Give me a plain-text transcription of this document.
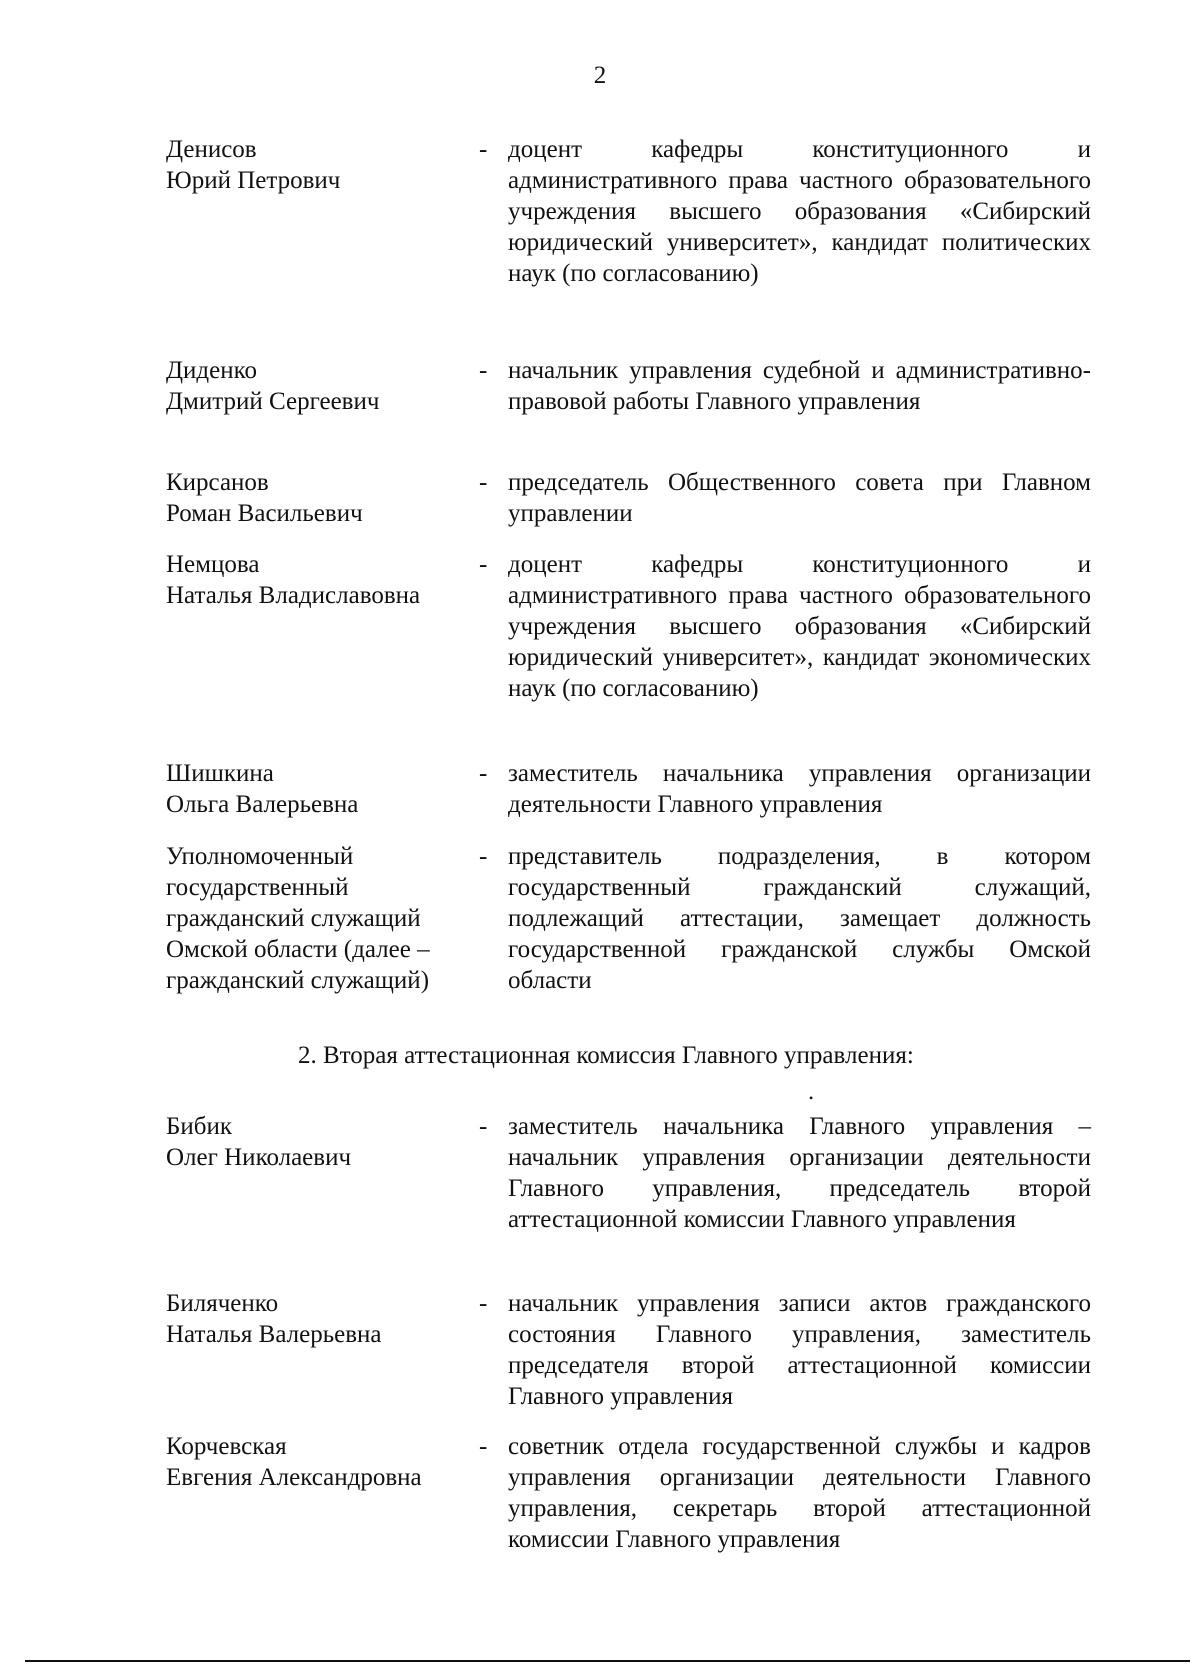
2
Денисов
Юрий Петрович
- доцент кафедры конституционного и административного права частного образовательного учреждения высшего образования «Сибирский юридический университет», кандидат политических наук (по согласованию)
Диденко
Дмитрий Сергеевич
- начальник управления судебной и административно-правовой работы Главного управления
Кирсанов
Роман Васильевич
- председатель Общественного совета при Главном управлении
Немцова
Наталья Владиславовна
- доцент кафедры конституционного и административного права частного образовательного учреждения высшего образования «Сибирский юридический университет», кандидат экономических наук (по согласованию)
Шишкина
Ольга Валерьевна
- заместитель начальника управления организации деятельности Главного управления
Уполномоченный
государственный
гражданский служащий
Омской области (далее –
гражданский служащий)
- представитель подразделения, в котором государственный гражданский служащий, подлежащий аттестации, замещает должность государственной гражданской службы Омской области
2. Вторая аттестационная комиссия Главного управления:
•
Бибик
Олег Николаевич
- заместитель начальника Главного управления – начальник управления организации деятельности Главного управления, председатель второй аттестационной комиссии Главного управления
Биляченко
Наталья Валерьевна
- начальник управления записи актов гражданского состояния Главного управления, заместитель председателя второй аттестационной комиссии Главного управления
Корчевская
Евгения Александровна
- советник отдела государственной службы и кадров управления организации деятельности Главного управления, секретарь второй аттестационной комиссии Главного управления
